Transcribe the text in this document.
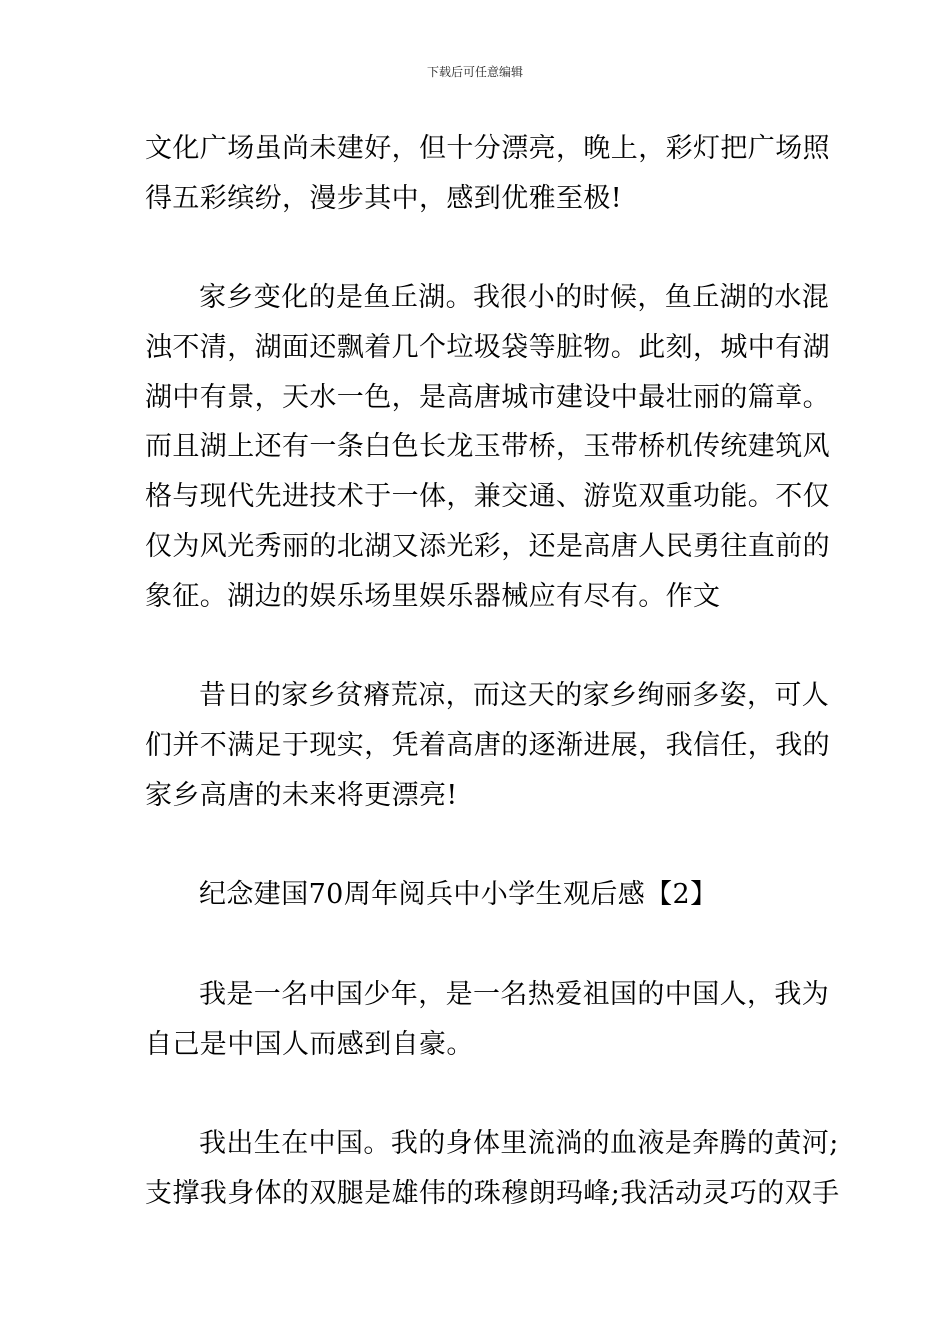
下载后可任意编辑
文化广场虽尚未建好，但十分漂亮，晚上，彩灯把广场照
得五彩缤纷，漫步其中，感到优雅至极!
家乡变化的是鱼丘湖。我很小的时候，鱼丘湖的水混
浊不清，湖面还飘着几个垃圾袋等脏物。此刻，城中有湖
湖中有景，天水一色，是高唐城市建设中最壮丽的篇章。
而且湖上还有一条白色长龙玉带桥，玉带桥机传统建筑风
格与现代先进技术于一体，兼交通、游览双重功能。不仅
仅为风光秀丽的北湖又添光彩，还是高唐人民勇往直前的
象征。湖边的娱乐场里娱乐器械应有尽有。作文
昔日的家乡贫瘠荒凉，而这天的家乡绚丽多姿，可人
们并不满足于现实，凭着高唐的逐渐进展，我信任，我的
家乡高唐的未来将更漂亮!
纪念建国70周年阅兵中小学生观后感【2】
我是一名中国少年，是一名热爱祖国的中国人，我为
自己是中国人而感到自豪。
我出生在中国。我的身体里流淌的血液是奔腾的黄河;
支撑我身体的双腿是雄伟的珠穆朗玛峰;我活动灵巧的双手
